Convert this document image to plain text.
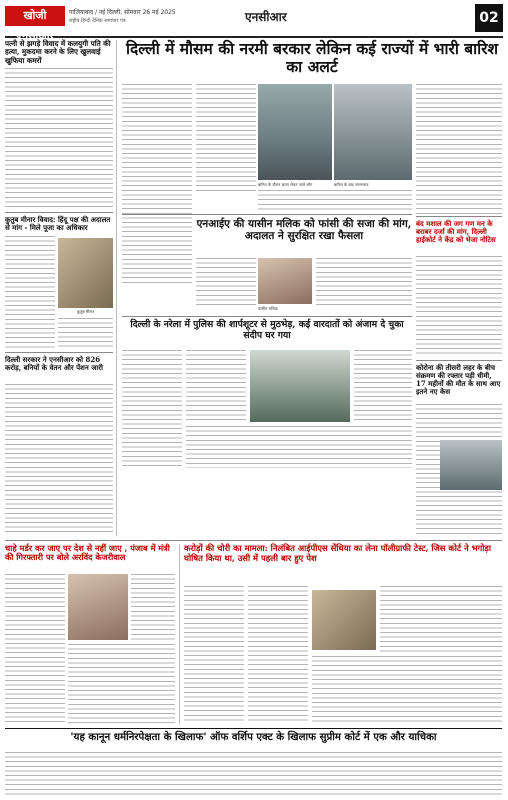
खोजी एनसीआर
गाजियाबाद / नई दिल्ली, सोमवार 26 मई 2025
राष्ट्रीय हिन्दी दैनिक समाचार पत्र	एनसीआर	02
पत्नी से झगड़े विवाद में कलयुगी पति की हत्या, मुकदमा करने के लिए खुलवाई खुफिया कमरों
कुतुब मीनार विवाद: हिंदू पक्ष की अदालत से मांग - मिले पूजा का अधिकार
कुतुब मीनार
दिल्ली सरकार ने एनसीआर को 826 करोड़, बनियों के वेतन और पेंशन जारी
दिल्ली में मौसम की नरमी बरकार लेकिन कई राज्यों में भारी बारिश का अलर्ट
बारिश के दौरान छाता लेकर जाते लोग	बारिश के बाद जलभराव
बंद मशाल की जग गण मन के बराबर दर्जा की मांग, दिल्ली हाईकोर्ट ने केंद्र को भेजा नोटिस
एनआईए की यासीन मलिक को फांसी की सजा की मांग, अदालत ने सुरक्षित रखा फैसला
यासीन मलिक
दिल्ली के नरेला में पुलिस की शार्पशूटर से मुठभेड़, कई वारदातों को अंजाम दे चुका संदीप घर गया
कोरोना की तीसरी लहर के बीच संक्रमण की रफ्तार पड़ी धीमी, 17 महीनों की मौत के साथ आए इतने नए केस
चाहे मर्डर कर जाए पर देश से नहीं जाए , पंजाब में मंत्री की गिरफ्तारी पर बोले अरविंद केजरीवाल
करोड़ों की चोरी का मामला: निलंबित आईपीएस सेंथिया का लेना पॉलीग्राफी टेस्ट, जिस कोर्ट ने भगोड़ा घोषित किया था, उसी में पहली बार हुए पेश
'यह कानून धर्मनिरपेक्षता के खिलाफ' ऑफ वर्शिप एक्ट के खिलाफ सुप्रीम कोर्ट में एक और याचिका
